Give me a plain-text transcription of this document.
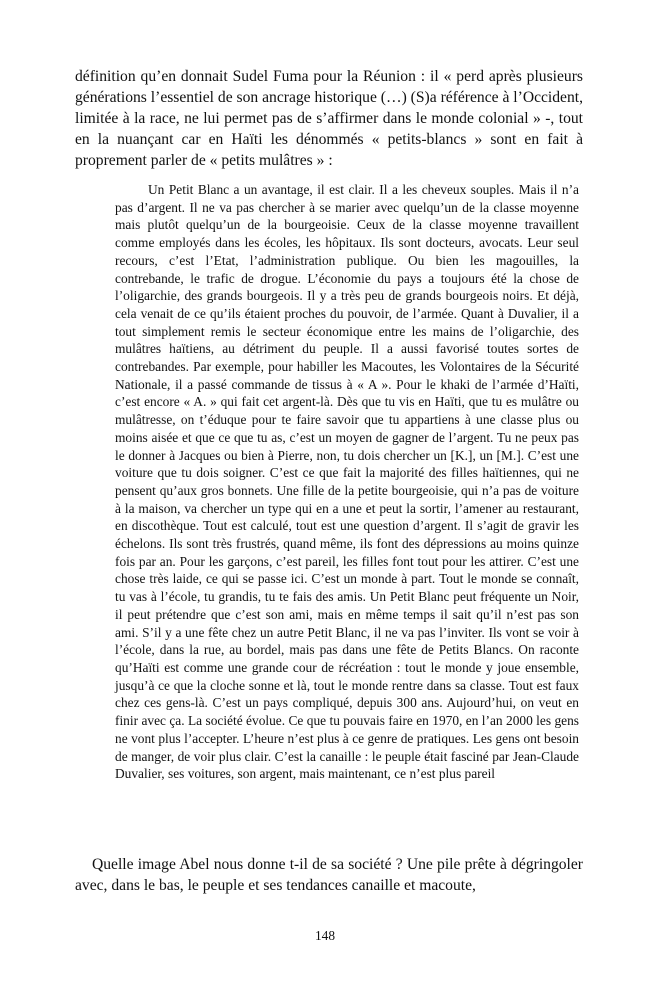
définition qu’en donnait Sudel Fuma pour la Réunion : il « perd après plusieurs générations l’essentiel de son ancrage historique (…) (S)a référence à l’Occident, limitée à la race, ne lui permet pas de s’affirmer dans le monde colonial » -, tout en la nuançant car en Haïti les dénommés « petits-blancs » sont en fait à proprement parler de « petits mulâtres » :

Un Petit Blanc a un avantage, il est clair. Il a les cheveux souples. Mais il n’a pas d’argent. Il ne va pas chercher à se marier avec quelqu’un de la classe moyenne mais plutôt quelqu’un de la bourgeoisie. Ceux de la classe moyenne travaillent comme employés dans les écoles, les hôpitaux. Ils sont docteurs, avocats. Leur seul recours, c’est l’Etat, l’administration publique. Ou bien les magouilles, la contrebande, le trafic de drogue. L’économie du pays a toujours été la chose de l’oligarchie, des grands bourgeois. Il y a très peu de grands bourgeois noirs. Et déjà, cela venait de ce qu’ils étaient proches du pouvoir, de l’armée. Quant à Duvalier, il a tout simplement remis le secteur économique entre les mains de l’oligarchie, des mulâtres haïtiens, au détriment du peuple. Il a aussi favorisé toutes sortes de contrebandes. Par exemple, pour habiller les Macoutes, les Volontaires de la Sécurité Nationale, il a passé commande de tissus à « A ». Pour le khaki de l’armée d’Haïti, c’est encore « A. » qui fait cet argent-là. Dès que tu vis en Haïti, que tu es mulâtre ou mulâtresse, on t’éduque pour te faire savoir que tu appartiens à une classe plus ou moins aisée et que ce que tu as, c’est un moyen de gagner de l’argent. Tu ne peux pas le donner à Jacques ou bien à Pierre, non, tu dois chercher un [K.], un [M.]. C’est une voiture que tu dois soigner. C’est ce que fait la majorité des filles haïtiennes, qui ne pensent qu’aux gros bonnets. Une fille de la petite bourgeoisie, qui n’a pas de voiture à la maison, va chercher un type qui en a une et peut la sortir, l’amener au restaurant, en discothèque. Tout est calculé, tout est une question d’argent. Il s’agit de gravir les échelons. Ils sont très frustrés, quand même, ils font des dépressions au moins quinze fois par an. Pour les garçons, c’est pareil, les filles font tout pour les attirer. C’est une chose très laide, ce qui se passe ici. C’est un monde à part. Tout le monde se connaît, tu vas à l’école, tu grandis, tu te fais des amis. Un Petit Blanc peut fréquente un Noir, il peut prétendre que c’est son ami, mais en même temps il sait qu’il n’est pas son ami. S’il y a une fête chez un autre Petit Blanc, il ne va pas l’inviter. Ils vont se voir à l’école, dans la rue, au bordel, mais pas dans une fête de Petits Blancs. On raconte qu’Haïti est comme une grande cour de récréation : tout le monde y joue ensemble, jusqu’à ce que la cloche sonne et là, tout le monde rentre dans sa classe. Tout est faux chez ces gens-là. C’est un pays compliqué, depuis 300 ans. Aujourd’hui, on veut en finir avec ça. La société évolue. Ce que tu pouvais faire en 1970, en l’an 2000 les gens ne vont plus l’accepter. L’heure n’est plus à ce genre de pratiques. Les gens ont besoin de manger, de voir plus clair. C’est la canaille : le peuple était fasciné par Jean-Claude Duvalier, ses voitures, son argent, mais maintenant, ce n’est plus pareil

Quelle image Abel nous donne t-il de sa société ? Une pile prête à dégringoler avec, dans le bas, le peuple et ses tendances canaille et macoute,

148
